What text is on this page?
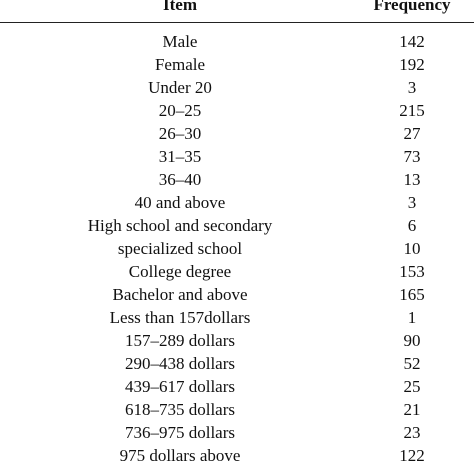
Item	Frequency
Male	142
Female	192
Under 20	3
20–25	215
26–30	27
31–35	73
36–40	13
40 and above	3
High school and secondary	6
specialized school	10
College degree	153
Bachelor and above	165
Less than 157dollars	1
157–289 dollars	90
290–438 dollars	52
439–617 dollars	25
618–735 dollars	21
736–975 dollars	23
975 dollars above	122
